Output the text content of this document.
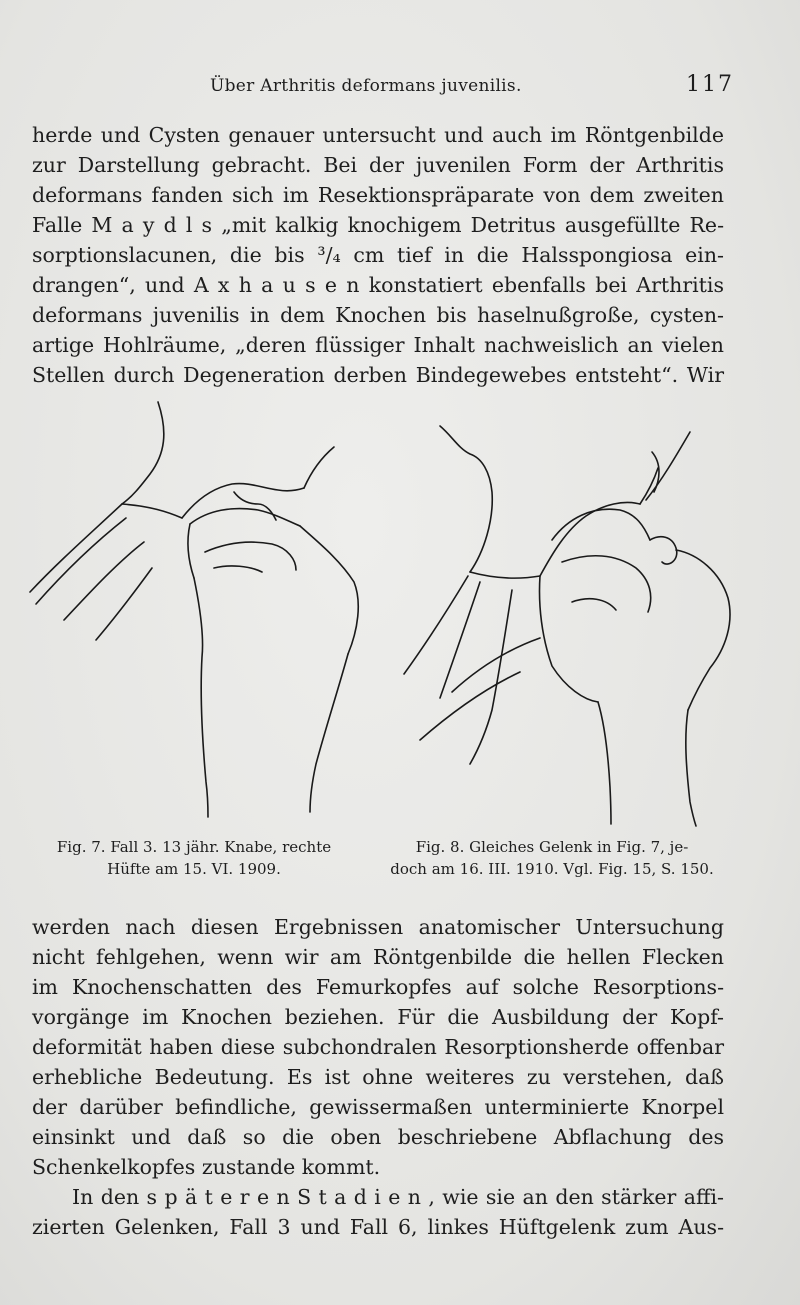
Über Arthritis deformans juvenilis.	117
herde und Cysten genauer untersucht und auch im Röntgenbilde
zur Darstellung gebracht. Bei der juvenilen Form der Arthritis
deformans fanden sich im Resektionspräparate von dem zweiten
Falle M a y d l s „mit kalkig knochigem Detritus ausgefüllte Re-
sorptionslacunen, die bis ³/₄ cm tief in die Halsspongiosa ein-
drangen“, und A x h a u s e n konstatiert ebenfalls bei Arthritis
deformans juvenilis in dem Knochen bis haselnußgroße, cysten-
artige Hohlräume, „deren flüssiger Inhalt nachweislich an vielen
Stellen durch Degeneration derben Bindegewebes entsteht“. Wir
Fig. 7. Fall 3. 13 jähr. Knabe, rechte
Hüfte am 15. VI. 1909.
Fig. 8. Gleiches Gelenk in Fig. 7, je-
doch am 16. III. 1910. Vgl. Fig. 15, S. 150.
werden nach diesen Ergebnissen anatomischer Untersuchung
nicht fehlgehen, wenn wir am Röntgenbilde die hellen Flecken
im Knochenschatten des Femurkopfes auf solche Resorptions-
vorgänge im Knochen beziehen. Für die Ausbildung der Kopf-
deformität haben diese subchondralen Resorptionsherde offenbar
erhebliche Bedeutung. Es ist ohne weiteres zu verstehen, daß
der darüber befindliche, gewissermaßen unterminierte Knorpel
einsinkt und daß so die oben beschriebene Abflachung des
Schenkelkopfes zustande kommt.
In den s p ä t e r e n S t a d i e n , wie sie an den stärker affi-
zierten Gelenken, Fall 3 und Fall 6, linkes Hüftgelenk zum Aus-
